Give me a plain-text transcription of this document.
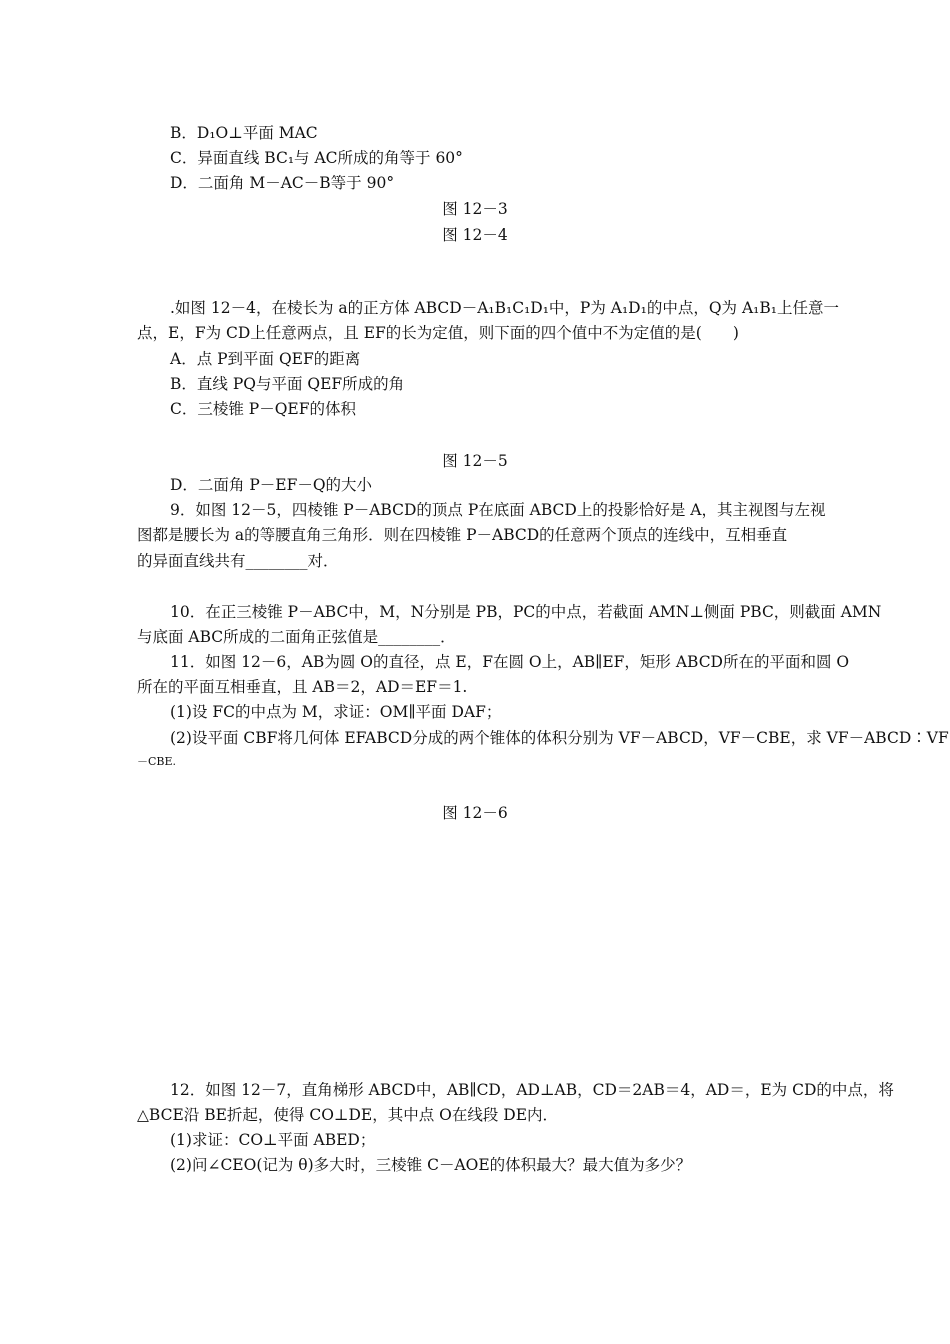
B．D₁O⊥平面 MAC
C．异面直线 BC₁与 AC所成的角等于 60°
D．二面角 M－AC－B等于 90°
图 12－3
图 12－4
.如图 12－4，在棱长为 a的正方体 ABCD－A₁B₁C₁D₁中，P为 A₁D₁的中点，Q为 A₁B₁上任意一
点，E，F为 CD上任意两点，且 EF的长为定值，则下面的四个值中不为定值的是(　　)
A．点 P到平面 QEF的距离
B．直线 PQ与平面 QEF所成的角
C．三棱锥 P－QEF的体积
图 12－5
D．二面角 P－EF－Q的大小
9．如图 12－5，四棱锥 P－ABCD的顶点 P在底面 ABCD上的投影恰好是 A，其主视图与左视
图都是腰长为 a的等腰直角三角形．则在四棱锥 P－ABCD的任意两个顶点的连线中，互相垂直
的异面直线共有________对．
10．在正三棱锥 P－ABC中，M，N分别是 PB，PC的中点，若截面 AMN⊥侧面 PBC，则截面 AMN
与底面 ABC所成的二面角正弦值是________．
11．如图 12－6，AB为圆 O的直径，点 E，F在圆 O上，AB∥EF，矩形 ABCD所在的平面和圆 O
所在的平面互相垂直，且 AB＝2，AD＝EF＝1.
(1)设 FC的中点为 M，求证：OM∥平面 DAF；
(2)设平面 CBF将几何体 EFABCD分成的两个锥体的体积分别为 VF－ABCD，VF－CBE，求 VF－ABCD∶VF
－CBE.
图 12－6
12．如图 12－7，直角梯形 ABCD中，AB∥CD，AD⊥AB，CD＝2AB＝4，AD＝，E为 CD的中点，将
△BCE沿 BE折起，使得 CO⊥DE，其中点 O在线段 DE内．
(1)求证：CO⊥平面 ABED；
(2)问∠CEO(记为 θ)多大时，三棱锥 C－AOE的体积最大？最大值为多少？
